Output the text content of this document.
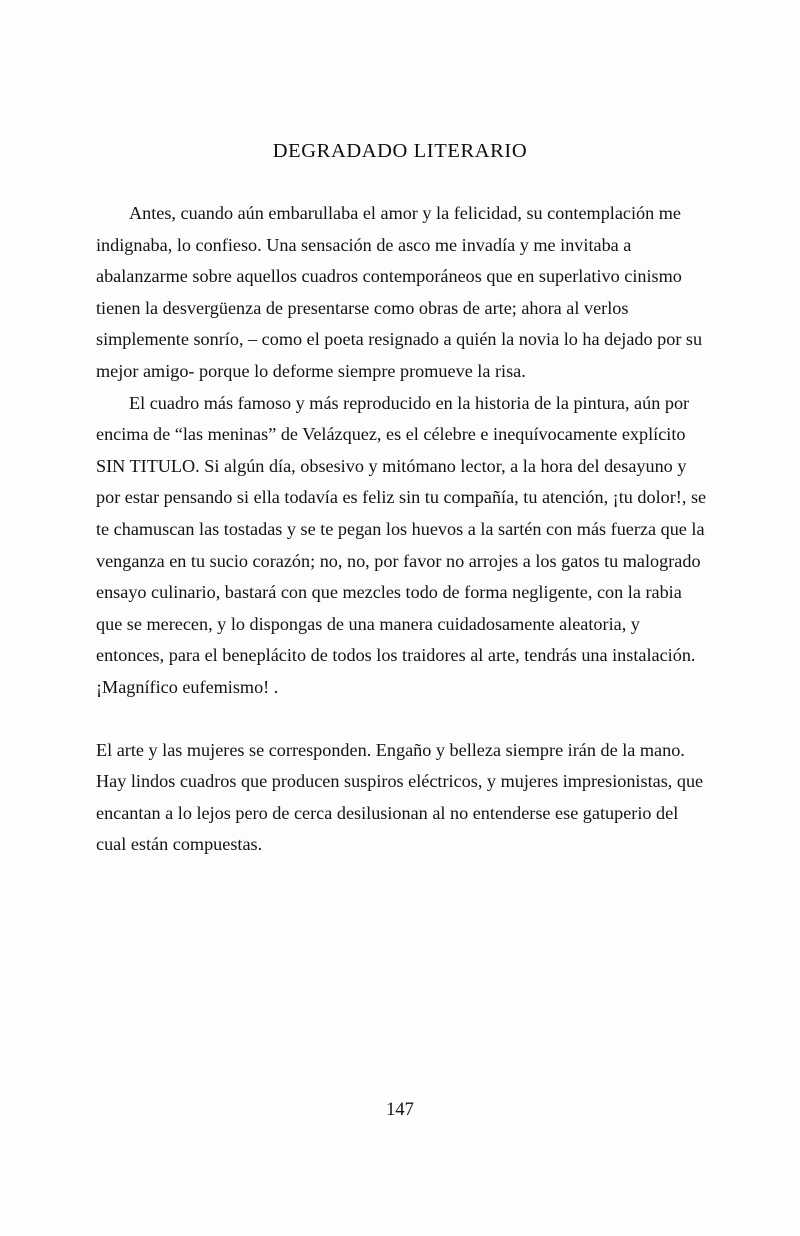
DEGRADADO LITERARIO

Antes, cuando aún embarullaba el amor y la felicidad, su contemplación me indignaba, lo confieso. Una sensación de asco me invadía y me invitaba a abalanzarme sobre aquellos cuadros contemporáneos que en superlativo cinismo tienen la desvergüenza de presentarse como obras de arte; ahora al verlos simplemente sonrío, – como el poeta resignado a quién la novia lo ha dejado por su mejor amigo- porque lo deforme siempre promueve la risa.

El cuadro más famoso y más reproducido en la historia de la pintura, aún por encima de “las meninas” de Velázquez, es el célebre e inequívocamente explícito SIN TITULO. Si algún día, obsesivo y mitómano lector, a la hora del desayuno y por estar pensando si ella todavía es feliz sin tu compañía, tu atención, ¡tu dolor!, se te chamuscan las tostadas y se te pegan los huevos a la sartén con más fuerza que la venganza en tu sucio corazón; no, no, por favor no arrojes a los gatos tu malogrado ensayo culinario, bastará con que mezcles todo de forma negligente, con la rabia que se merecen, y lo dispongas de una manera cuidadosamente aleatoria, y entonces, para el beneplácito de todos los traidores al arte, tendrás una instalación. ¡Magnífico eufemismo! .

El arte y las mujeres se corresponden. Engaño y belleza siempre irán de la mano. Hay lindos cuadros que producen suspiros eléctricos, y mujeres impresionistas, que encantan a lo lejos pero de cerca desilusionan al no entenderse ese gatuperio del cual están compuestas.

147
